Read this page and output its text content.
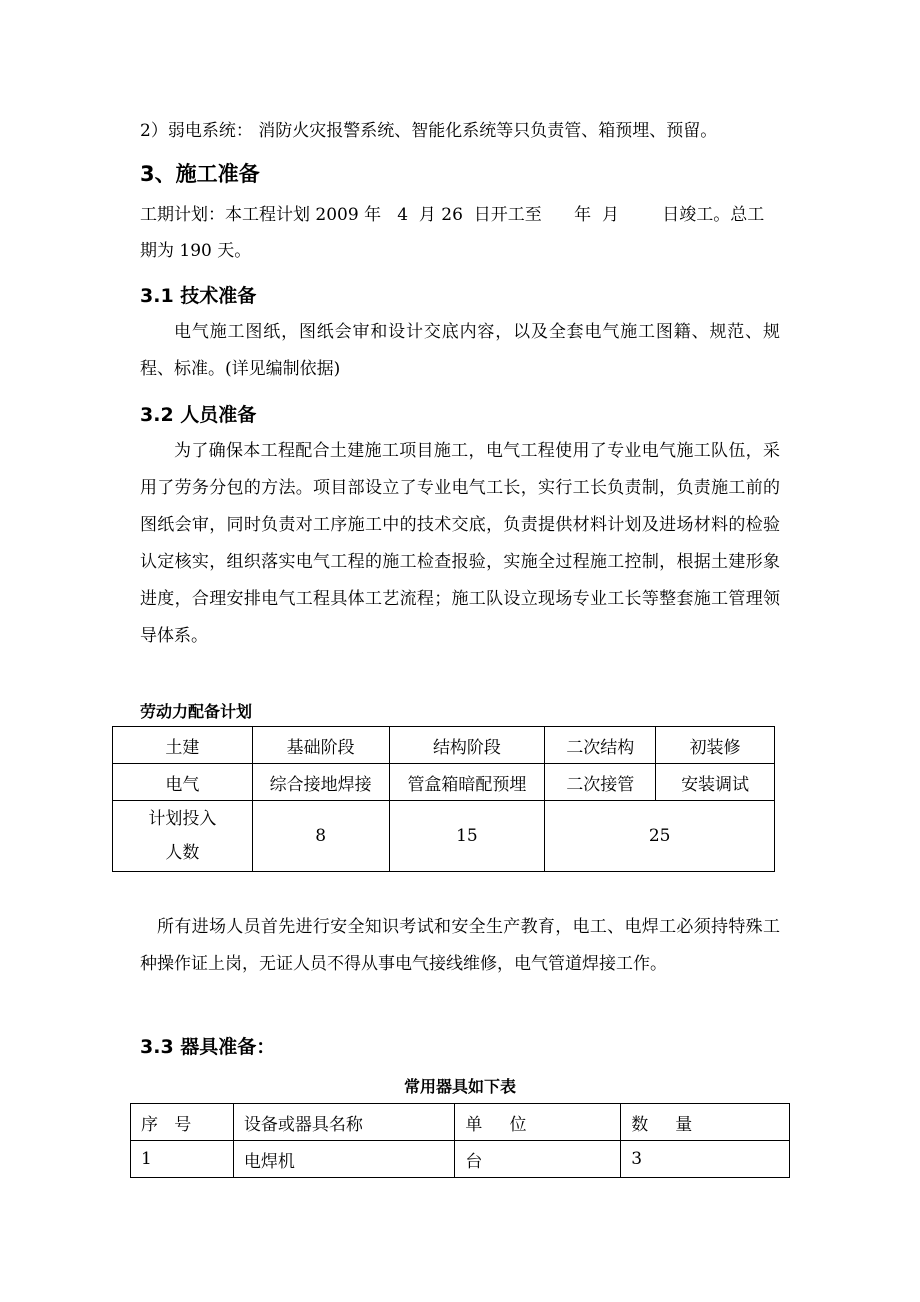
2）弱电系统： 消防火灾报警系统、智能化系统等只负责管、箱预埋、预留。
3、施工准备
工期计划：本工程计划 2009 年   4  月 26  日开工至      年  月        日竣工。总工
期为 190 天。
3.1 技术准备

电气施工图纸，图纸会审和设计交底内容，以及全套电气施工图籍、规范、规程、标准。(详见编制依据)

3.2 人员准备

为了确保本工程配合土建施工项目施工，电气工程使用了专业电气施工队伍，采用了劳务分包的方法。项目部设立了专业电气工长，实行工长负责制，负责施工前的图纸会审，同时负责对工序施工中的技术交底，负责提供材料计划及进场材料的检验认定核实，组织落实电气工程的施工检查报验，实施全过程施工控制，根据土建形象进度，合理安排电气工程具体工艺流程；施工队设立现场专业工长等整套施工管理领导体系。

劳动力配备计划
土建	基础阶段	结构阶段	二次结构	初装修
电气	综合接地焊接	管盒箱暗配预埋	二次接管	安装调试
计划投入
人数	8	15	25	

所有进场人员首先进行安全知识考试和安全生产教育，电工、电焊工必须持特殊工种操作证上岗，无证人员不得从事电气接线维修，电气管道焊接工作。

3.3 器具准备：
常用器具如下表
序   号	设备或器具名称	单     位	数     量
1	电焊机	台	3
